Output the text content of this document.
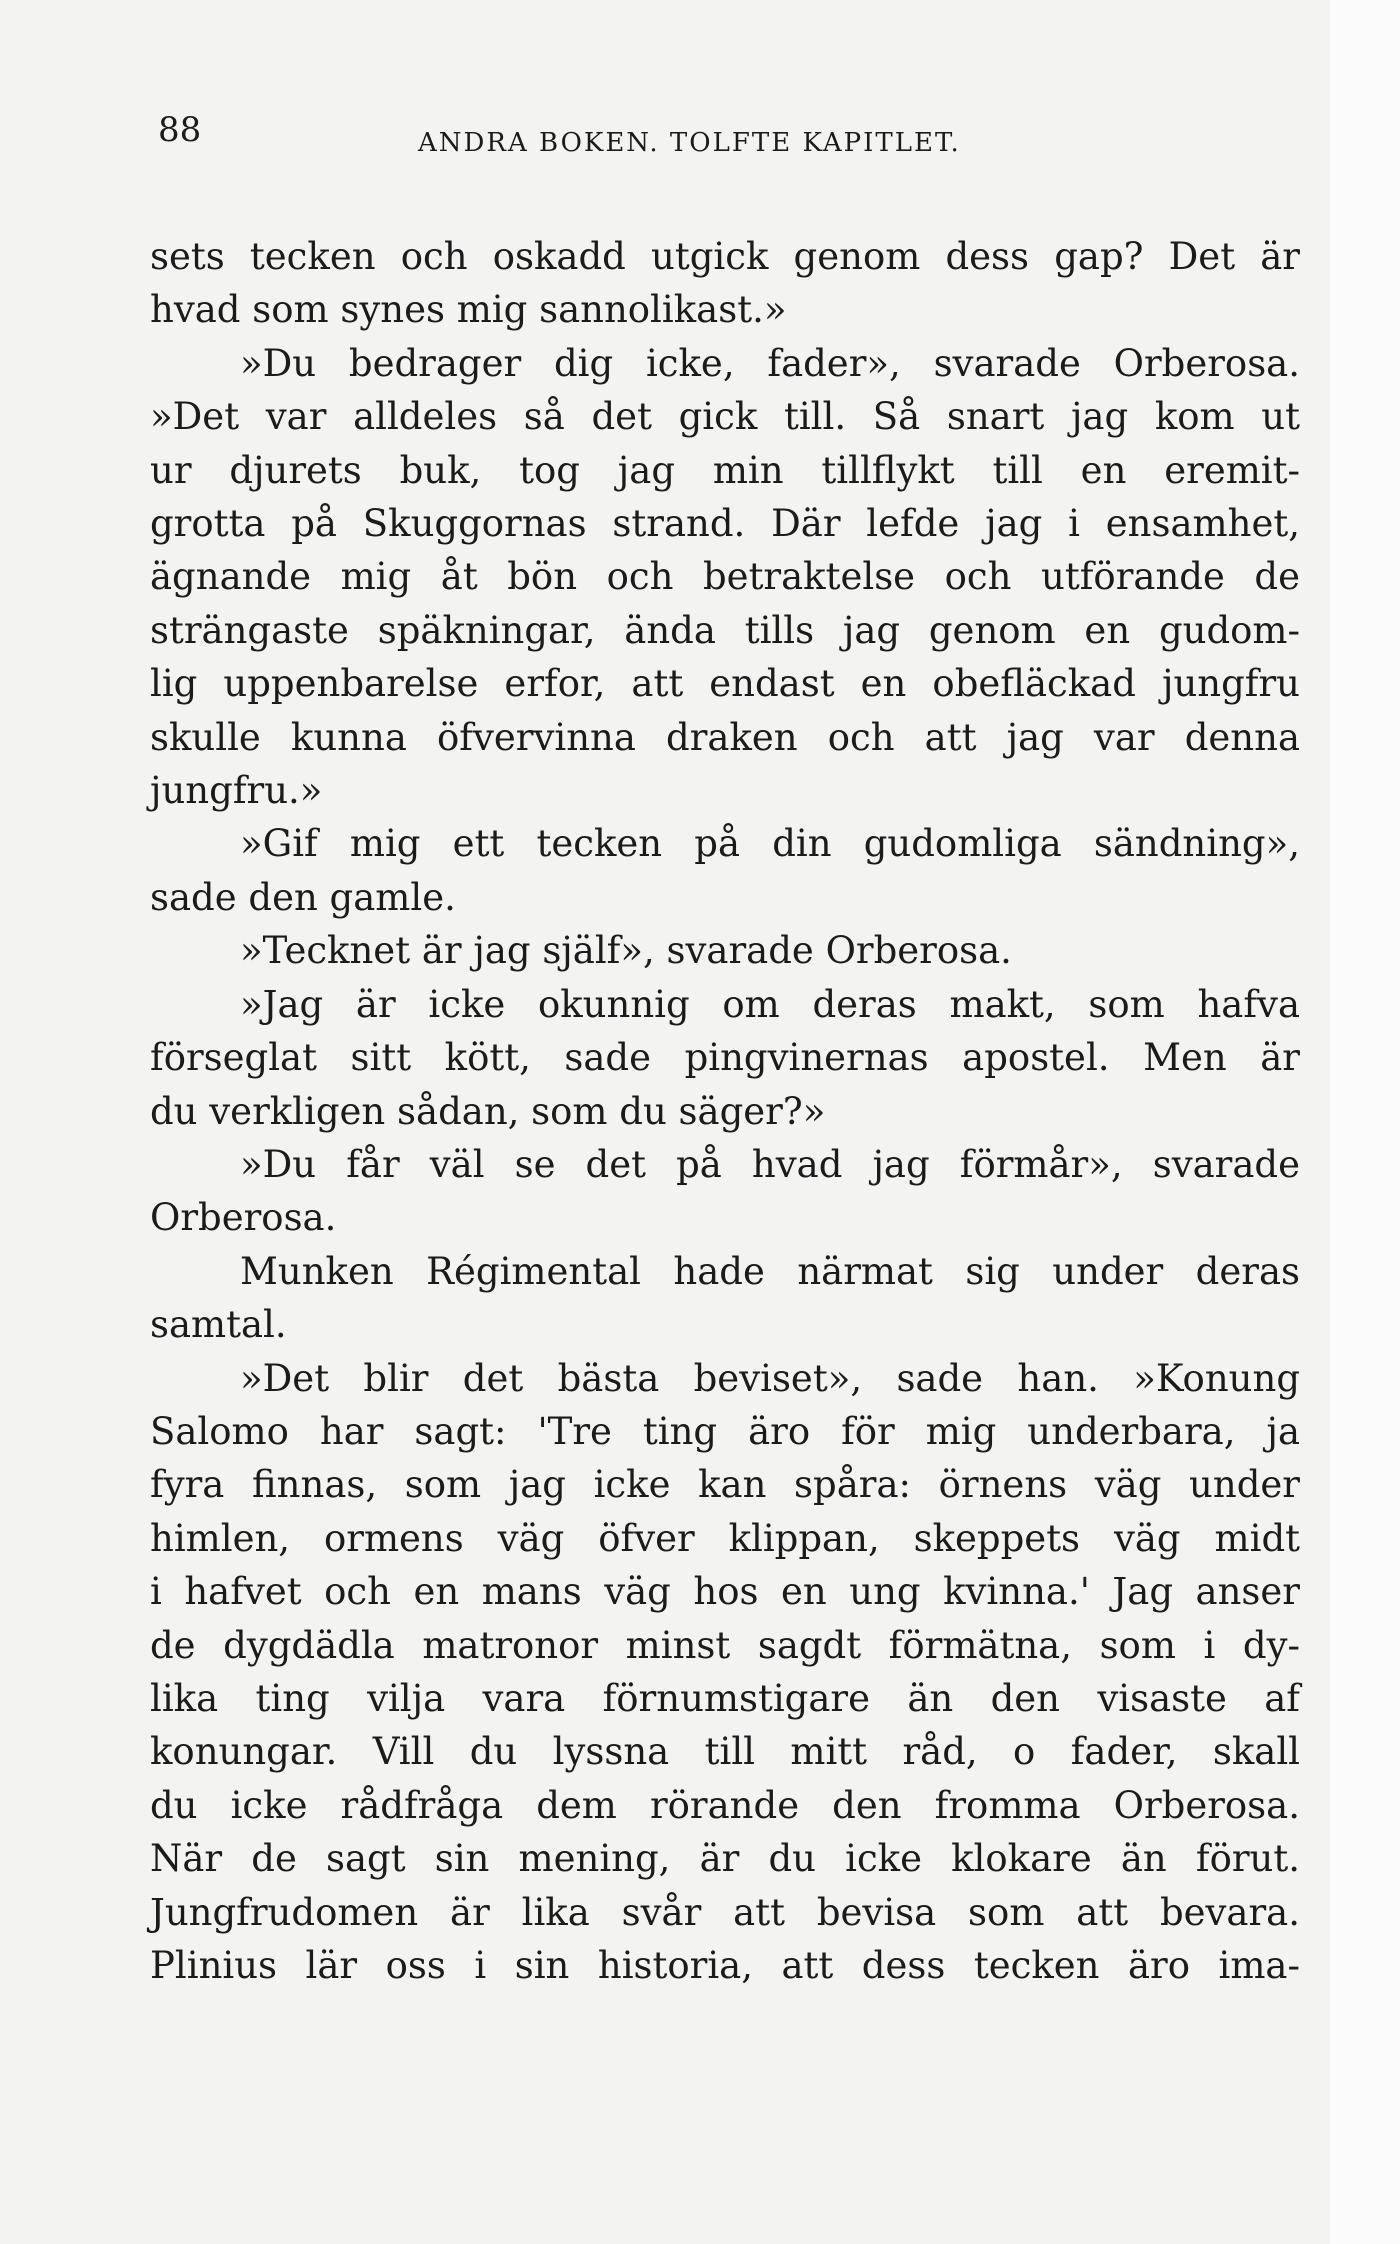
88	ANDRA BOKEN. TOLFTE KAPITLET.
sets tecken och oskadd utgick genom dess gap? Det är
hvad som synes mig sannolikast.»
»Du bedrager dig icke, fader», svarade Orberosa.
»Det var alldeles så det gick till. Så snart jag kom ut
ur djurets buk, tog jag min tillflykt till en eremit-
grotta på Skuggornas strand. Där lefde jag i ensamhet,
ägnande mig åt bön och betraktelse och utförande de
strängaste späkningar, ända tills jag genom en gudom-
lig uppenbarelse erfor, att endast en obefläckad jungfru
skulle kunna öfvervinna draken och att jag var denna
jungfru.»
»Gif mig ett tecken på din gudomliga sändning»,
sade den gamle.
»Tecknet är jag själf», svarade Orberosa.
»Jag är icke okunnig om deras makt, som hafva
förseglat sitt kött, sade pingvinernas apostel. Men är
du verkligen sådan, som du säger?»
»Du får väl se det på hvad jag förmår», svarade
Orberosa.
Munken Régimental hade närmat sig under deras
samtal.
»Det blir det bästa beviset», sade han. »Konung
Salomo har sagt: 'Tre ting äro för mig underbara, ja
fyra finnas, som jag icke kan spåra: örnens väg under
himlen, ormens väg öfver klippan, skeppets väg midt
i hafvet och en mans väg hos en ung kvinna.' Jag anser
de dygdädla matronor minst sagdt förmätna, som i dy-
lika ting vilja vara förnumstigare än den visaste af
konungar. Vill du lyssna till mitt råd, o fader, skall
du icke rådfråga dem rörande den fromma Orberosa.
När de sagt sin mening, är du icke klokare än förut.
Jungfrudomen är lika svår att bevisa som att bevara.
Plinius lär oss i sin historia, att dess tecken äro ima-
